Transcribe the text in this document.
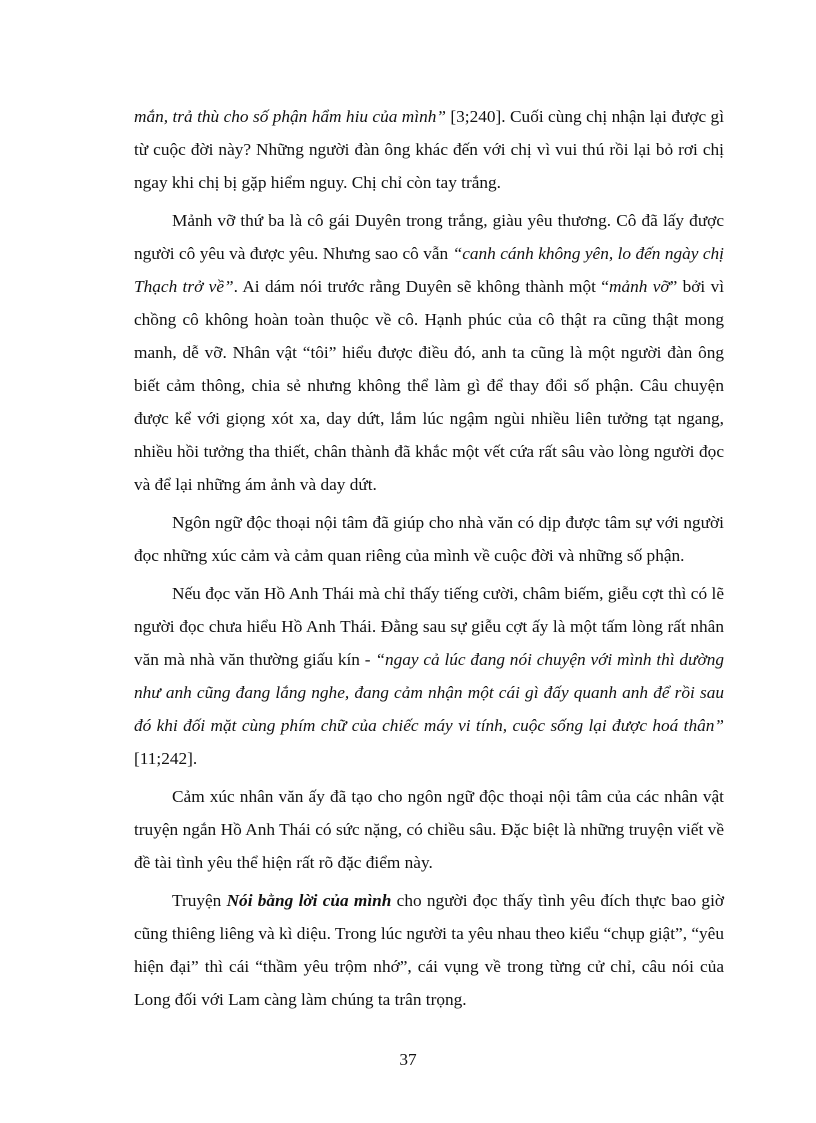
mắn, trả thù cho số phận hẩm hiu của mình” [3;240]. Cuối cùng chị nhận lại được gì từ cuộc đời này? Những người đàn ông khác đến với chị vì vui thú rồi lại bỏ rơi chị ngay khi chị bị gặp hiểm nguy. Chị chỉ còn tay trắng.

Mảnh vỡ thứ ba là cô gái Duyên trong trắng, giàu yêu thương. Cô đã lấy được người cô yêu và được yêu. Nhưng sao cô vẫn “canh cánh không yên, lo đến ngày chị Thạch trở về”. Ai dám nói trước rằng Duyên sẽ không thành một “mảnh vỡ” bởi vì chồng cô không hoàn toàn thuộc về cô. Hạnh phúc của cô thật ra cũng thật mong manh, dễ vỡ. Nhân vật “tôi” hiểu được điều đó, anh ta cũng là một người đàn ông biết cảm thông, chia sẻ nhưng không thể làm gì để thay đổi số phận. Câu chuyện được kể với giọng xót xa, day dứt, lắm lúc ngậm ngùi nhiều liên tưởng tạt ngang, nhiều hồi tưởng tha thiết, chân thành đã khắc một vết cứa rất sâu vào lòng người đọc và để lại những ám ảnh và day dứt.

Ngôn ngữ độc thoại nội tâm đã giúp cho nhà văn có dịp được tâm sự với người đọc những xúc cảm và cảm quan riêng của mình về cuộc đời và những số phận.

Nếu đọc văn Hồ Anh Thái mà chỉ thấy tiếng cười, châm biếm, giễu cợt thì có lẽ người đọc chưa hiểu Hồ Anh Thái. Đằng sau sự giễu cợt ấy là một tấm lòng rất nhân văn mà nhà văn thường giấu kín - “ngay cả lúc đang nói chuyện với mình thì dường như anh cũng đang lắng nghe, đang cảm nhận một cái gì đấy quanh anh để rồi sau đó khi đối mặt cùng phím chữ của chiếc máy vi tính, cuộc sống lại được hoá thân” [11;242].

Cảm xúc nhân văn ấy đã tạo cho ngôn ngữ độc thoại nội tâm của các nhân vật truyện ngắn Hồ Anh Thái có sức nặng, có chiều sâu. Đặc biệt là những truyện viết về đề tài tình yêu thể hiện rất rõ đặc điểm này.

Truyện Nói bằng lời của mình cho người đọc thấy tình yêu đích thực bao giờ cũng thiêng liêng và kì diệu. Trong lúc người ta yêu nhau theo kiểu “chụp giật”, “yêu hiện đại” thì cái “thầm yêu trộm nhớ”, cái vụng về trong từng cử chỉ, câu nói của Long đối với Lam càng làm chúng ta trân trọng.

37
